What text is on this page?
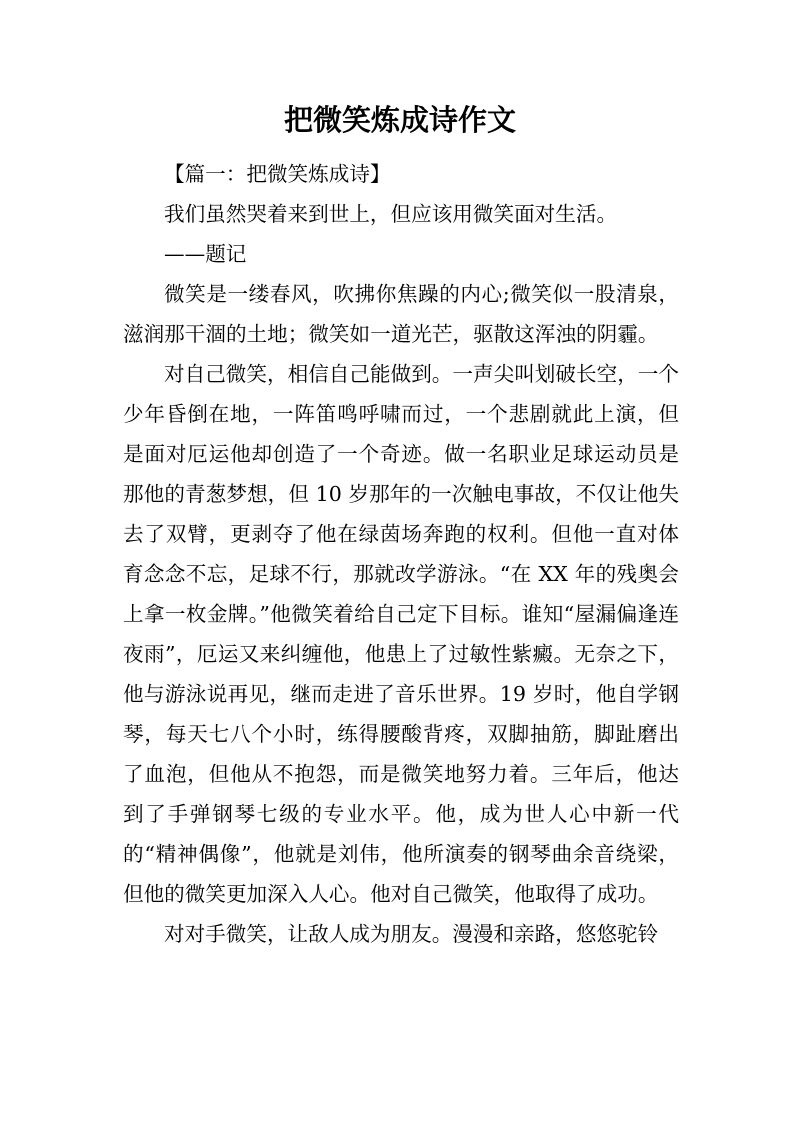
把微笑炼成诗作文

【篇一：把微笑炼成诗】

我们虽然哭着来到世上，但应该用微笑面对生活。

——题记

微笑是一缕春风，吹拂你焦躁的内心;微笑似一股清泉，滋润那干涸的土地；微笑如一道光芒，驱散这浑浊的阴霾。

对自己微笑，相信自己能做到。一声尖叫划破长空，一个少年昏倒在地，一阵笛鸣呼啸而过，一个悲剧就此上演，但是面对厄运他却创造了一个奇迹。做一名职业足球运动员是那他的青葱梦想，但 10 岁那年的一次触电事故，不仅让他失去了双臂，更剥夺了他在绿茵场奔跑的权利。但他一直对体育念念不忘，足球不行，那就改学游泳。“在 XX 年的残奥会上拿一枚金牌。”他微笑着给自己定下目标。谁知“屋漏偏逢连夜雨”，厄运又来纠缠他，他患上了过敏性紫癜。无奈之下，他与游泳说再见，继而走进了音乐世界。19 岁时，他自学钢琴，每天七八个小时，练得腰酸背疼，双脚抽筋，脚趾磨出了血泡，但他从不抱怨，而是微笑地努力着。三年后，他达到了手弹钢琴七级的专业水平。他，成为世人心中新一代的“精神偶像”，他就是刘伟，他所演奏的钢琴曲余音绕梁，但他的微笑更加深入人心。他对自己微笑，他取得了成功。

对对手微笑，让敌人成为朋友。漫漫和亲路，悠悠驼铃
